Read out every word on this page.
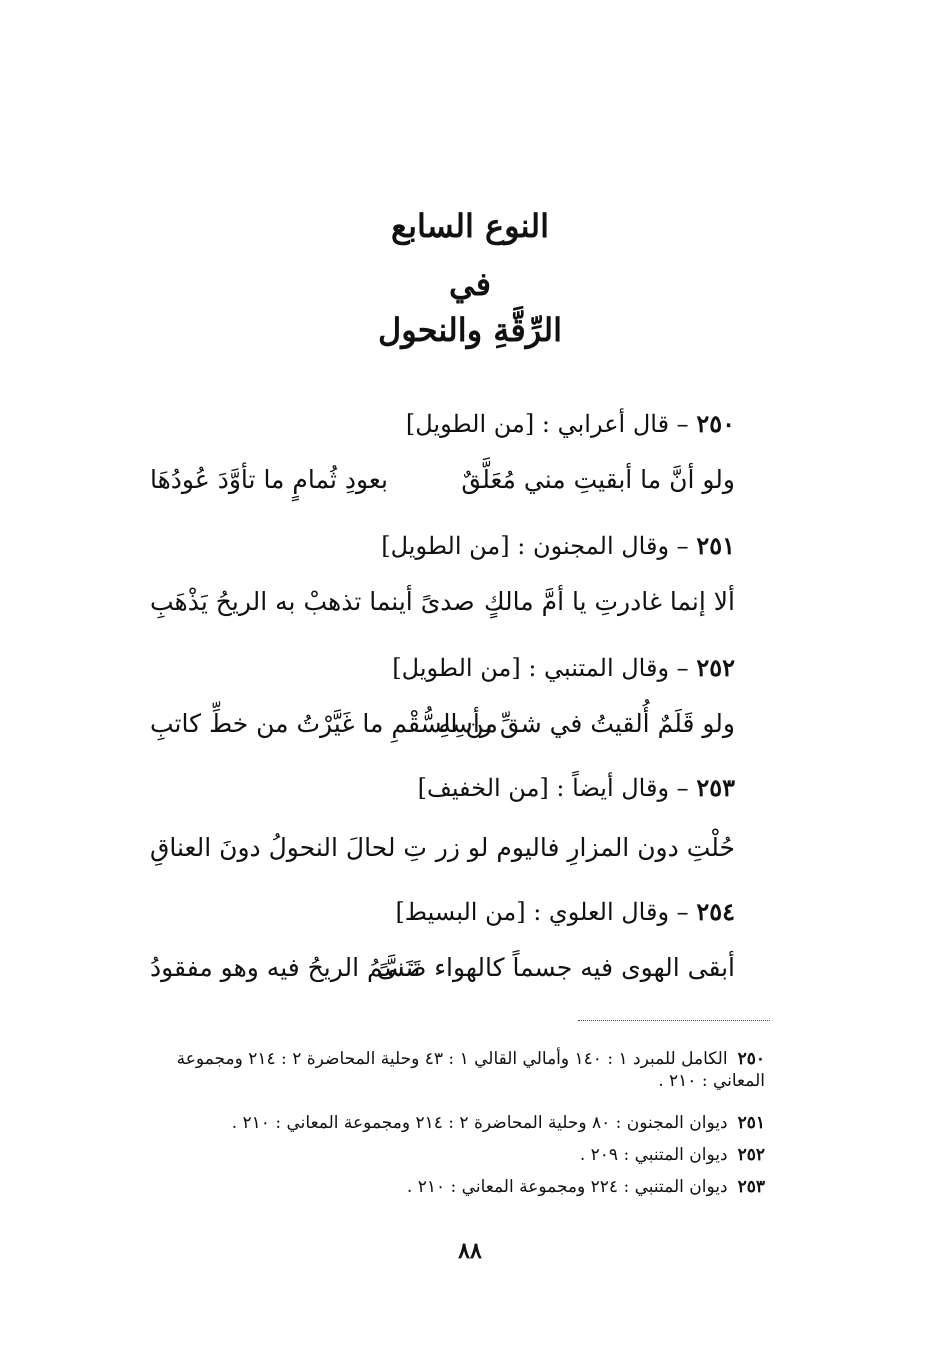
النوع السابع
في
الرِّقَّةِ والنحول
٢٥٠ – قال أعرابي : [من الطويل]
ولو أنَّ ما أبقيتِ مني مُعَلَّقٌ
بعودِ ثُمامٍ ما تأوَّدَ عُودُهَا
٢٥١ – وقال المجنون : [من الطويل]
ألا إنما غادرتِ يا أمَّ مالكٍ
صدىً أينما تذهبْ به الريحُ يَذْهَبِ
٢٥٢ – وقال المتنبي : [من الطويل]
ولو قَلَمٌ أُلقيتُ في شقِّ رأسِهِ
من السُّقْمِ ما غَيَّرْتُ من خطِّ كاتبِ
٢٥٣ – وقال أيضاً : [من الخفيف]
حُلْتِ دون المزارِ فاليوم لو زر
تِ لحالَ النحولُ دونَ العناقِ
٢٥٤ – وقال العلوي : [من البسيط]
أبقى الهوى فيه جسماً كالهواء ضنىً
تَنَسَّمُ الريحُ فيه وهو مفقودُ
٢٥٠الكامل للمبرد ١ : ١٤٠ وأمالي القالي ١ : ٤٣ وحلية المحاضرة ٢ : ٢١٤ ومجموعة المعاني : ٢١٠ .
٢٥١ديوان المجنون : ٨٠ وحلية المحاضرة ٢ : ٢١٤ ومجموعة المعاني : ٢١٠ .
٢٥٢ديوان المتنبي : ٢٠٩ .
٢٥٣ديوان المتنبي : ٢٢٤ ومجموعة المعاني : ٢١٠ .
٨٨
